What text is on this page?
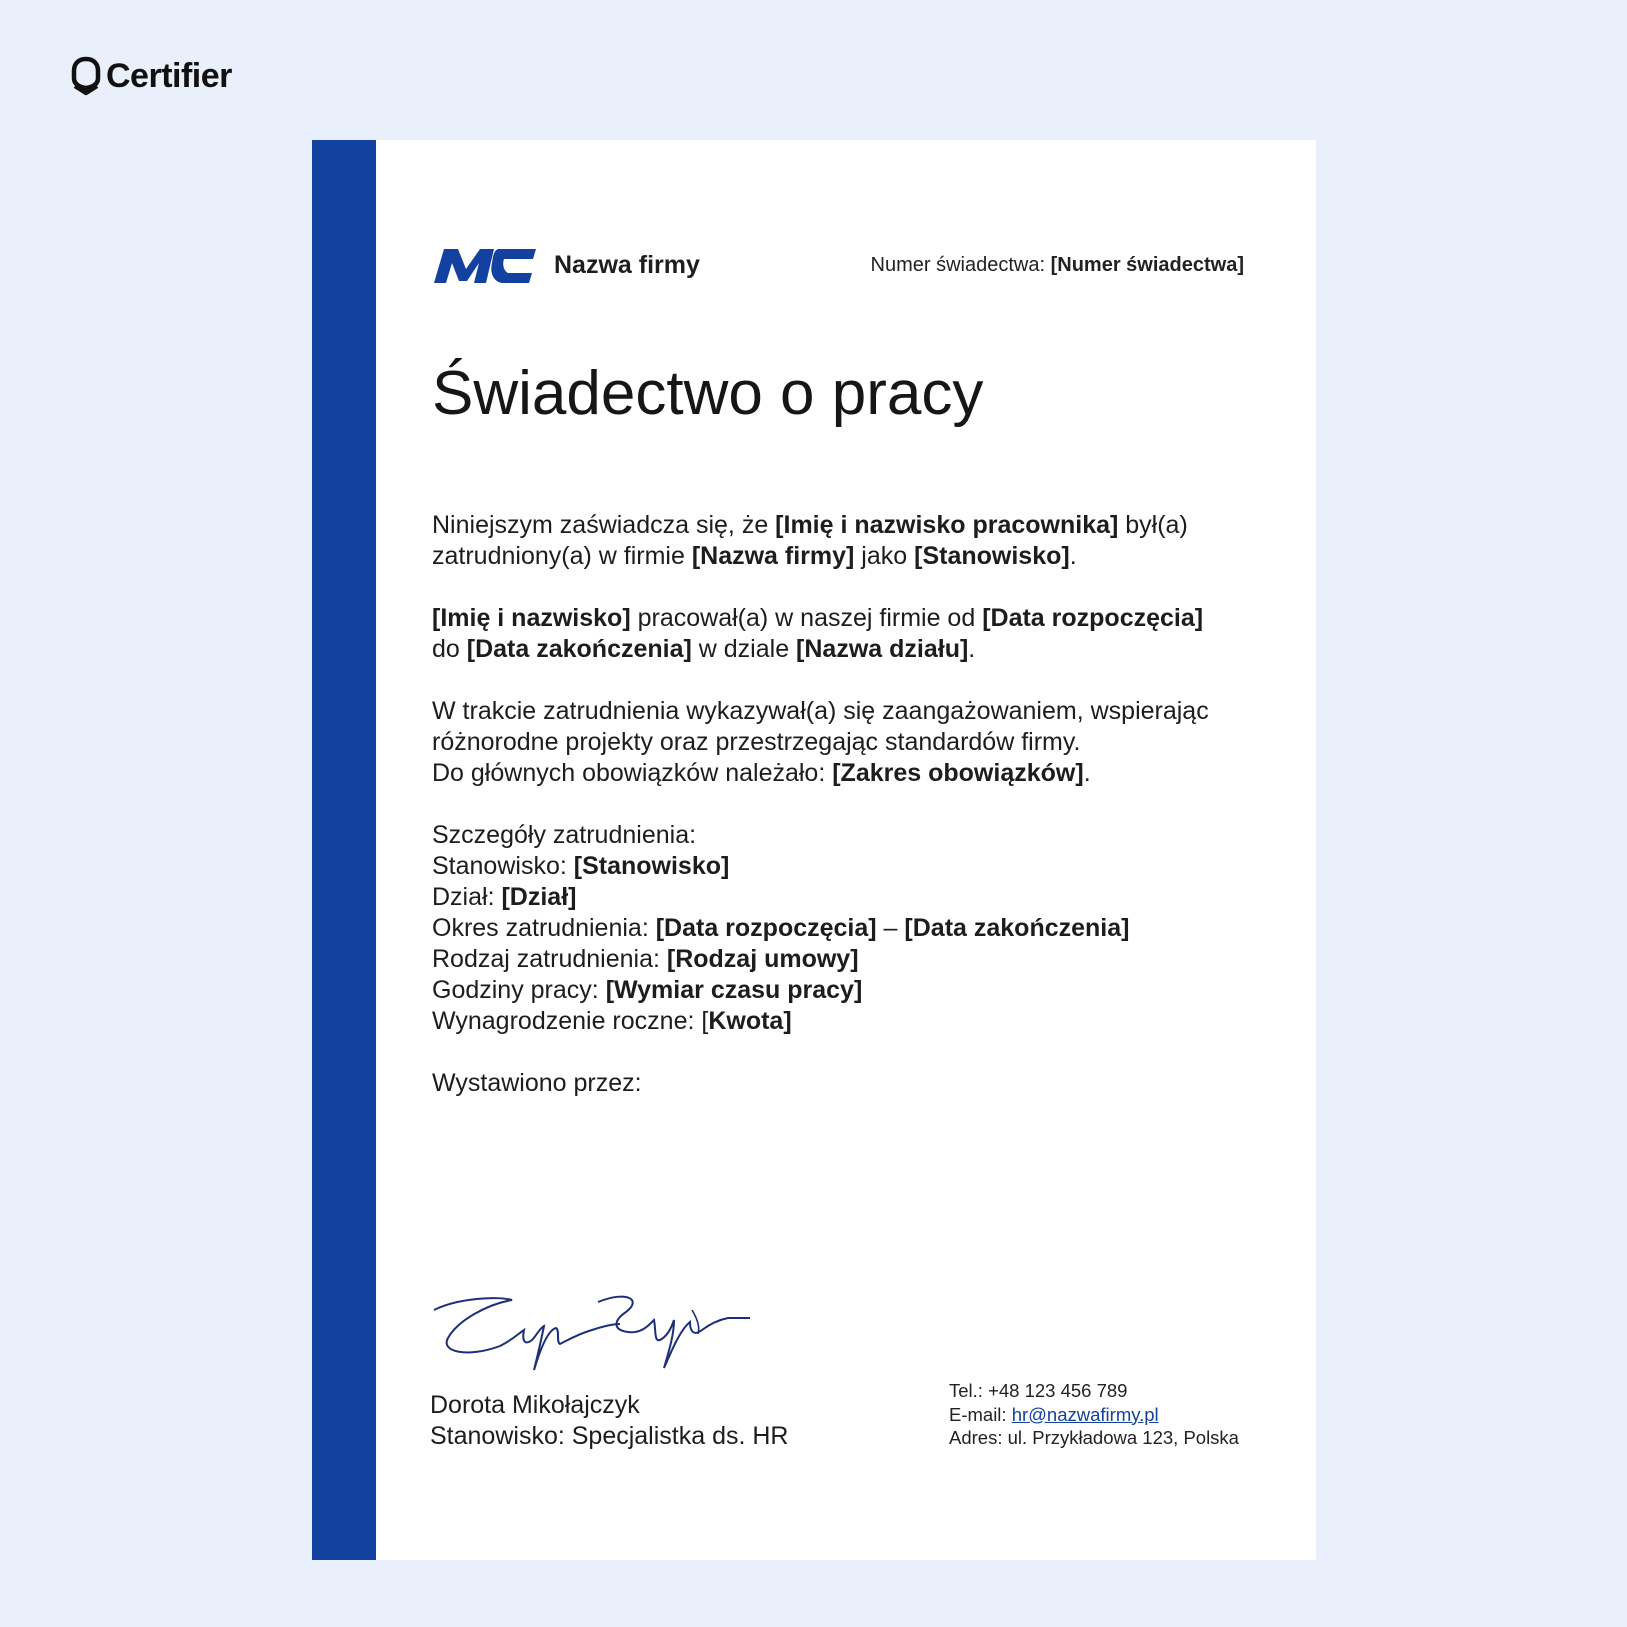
Certifier
Nazwa firmy	Numer świadectwa: [Numer świadectwa]
Świadectwo o pracy

Niniejszym zaświadcza się, że [Imię i nazwisko pracownika] był(a) zatrudniony(a) w firmie [Nazwa firmy] jako [Stanowisko].

[Imię i nazwisko] pracował(a) w naszej firmie od [Data rozpoczęcia] do [Data zakończenia] w dziale [Nazwa działu].

W trakcie zatrudnienia wykazywał(a) się zaangażowaniem, wspierając różnorodne projekty oraz przestrzegając standardów firmy.
Do głównych obowiązków należało: [Zakres obowiązków].

Szczegóły zatrudnienia:
Stanowisko: [Stanowisko]
Dział: [Dział]
Okres zatrudnienia: [Data rozpoczęcia] – [Data zakończenia]
Rodzaj zatrudnienia: [Rodzaj umowy]
Godziny pracy: [Wymiar czasu pracy]
Wynagrodzenie roczne: [Kwota]

Wystawiono przez:

Dorota Mikołajczyk
Stanowisko: Specjalistka ds. HR
Tel.: +48 123 456 789
E-mail: hr@nazwafirmy.pl
Adres: ul. Przykładowa 123, Polska
